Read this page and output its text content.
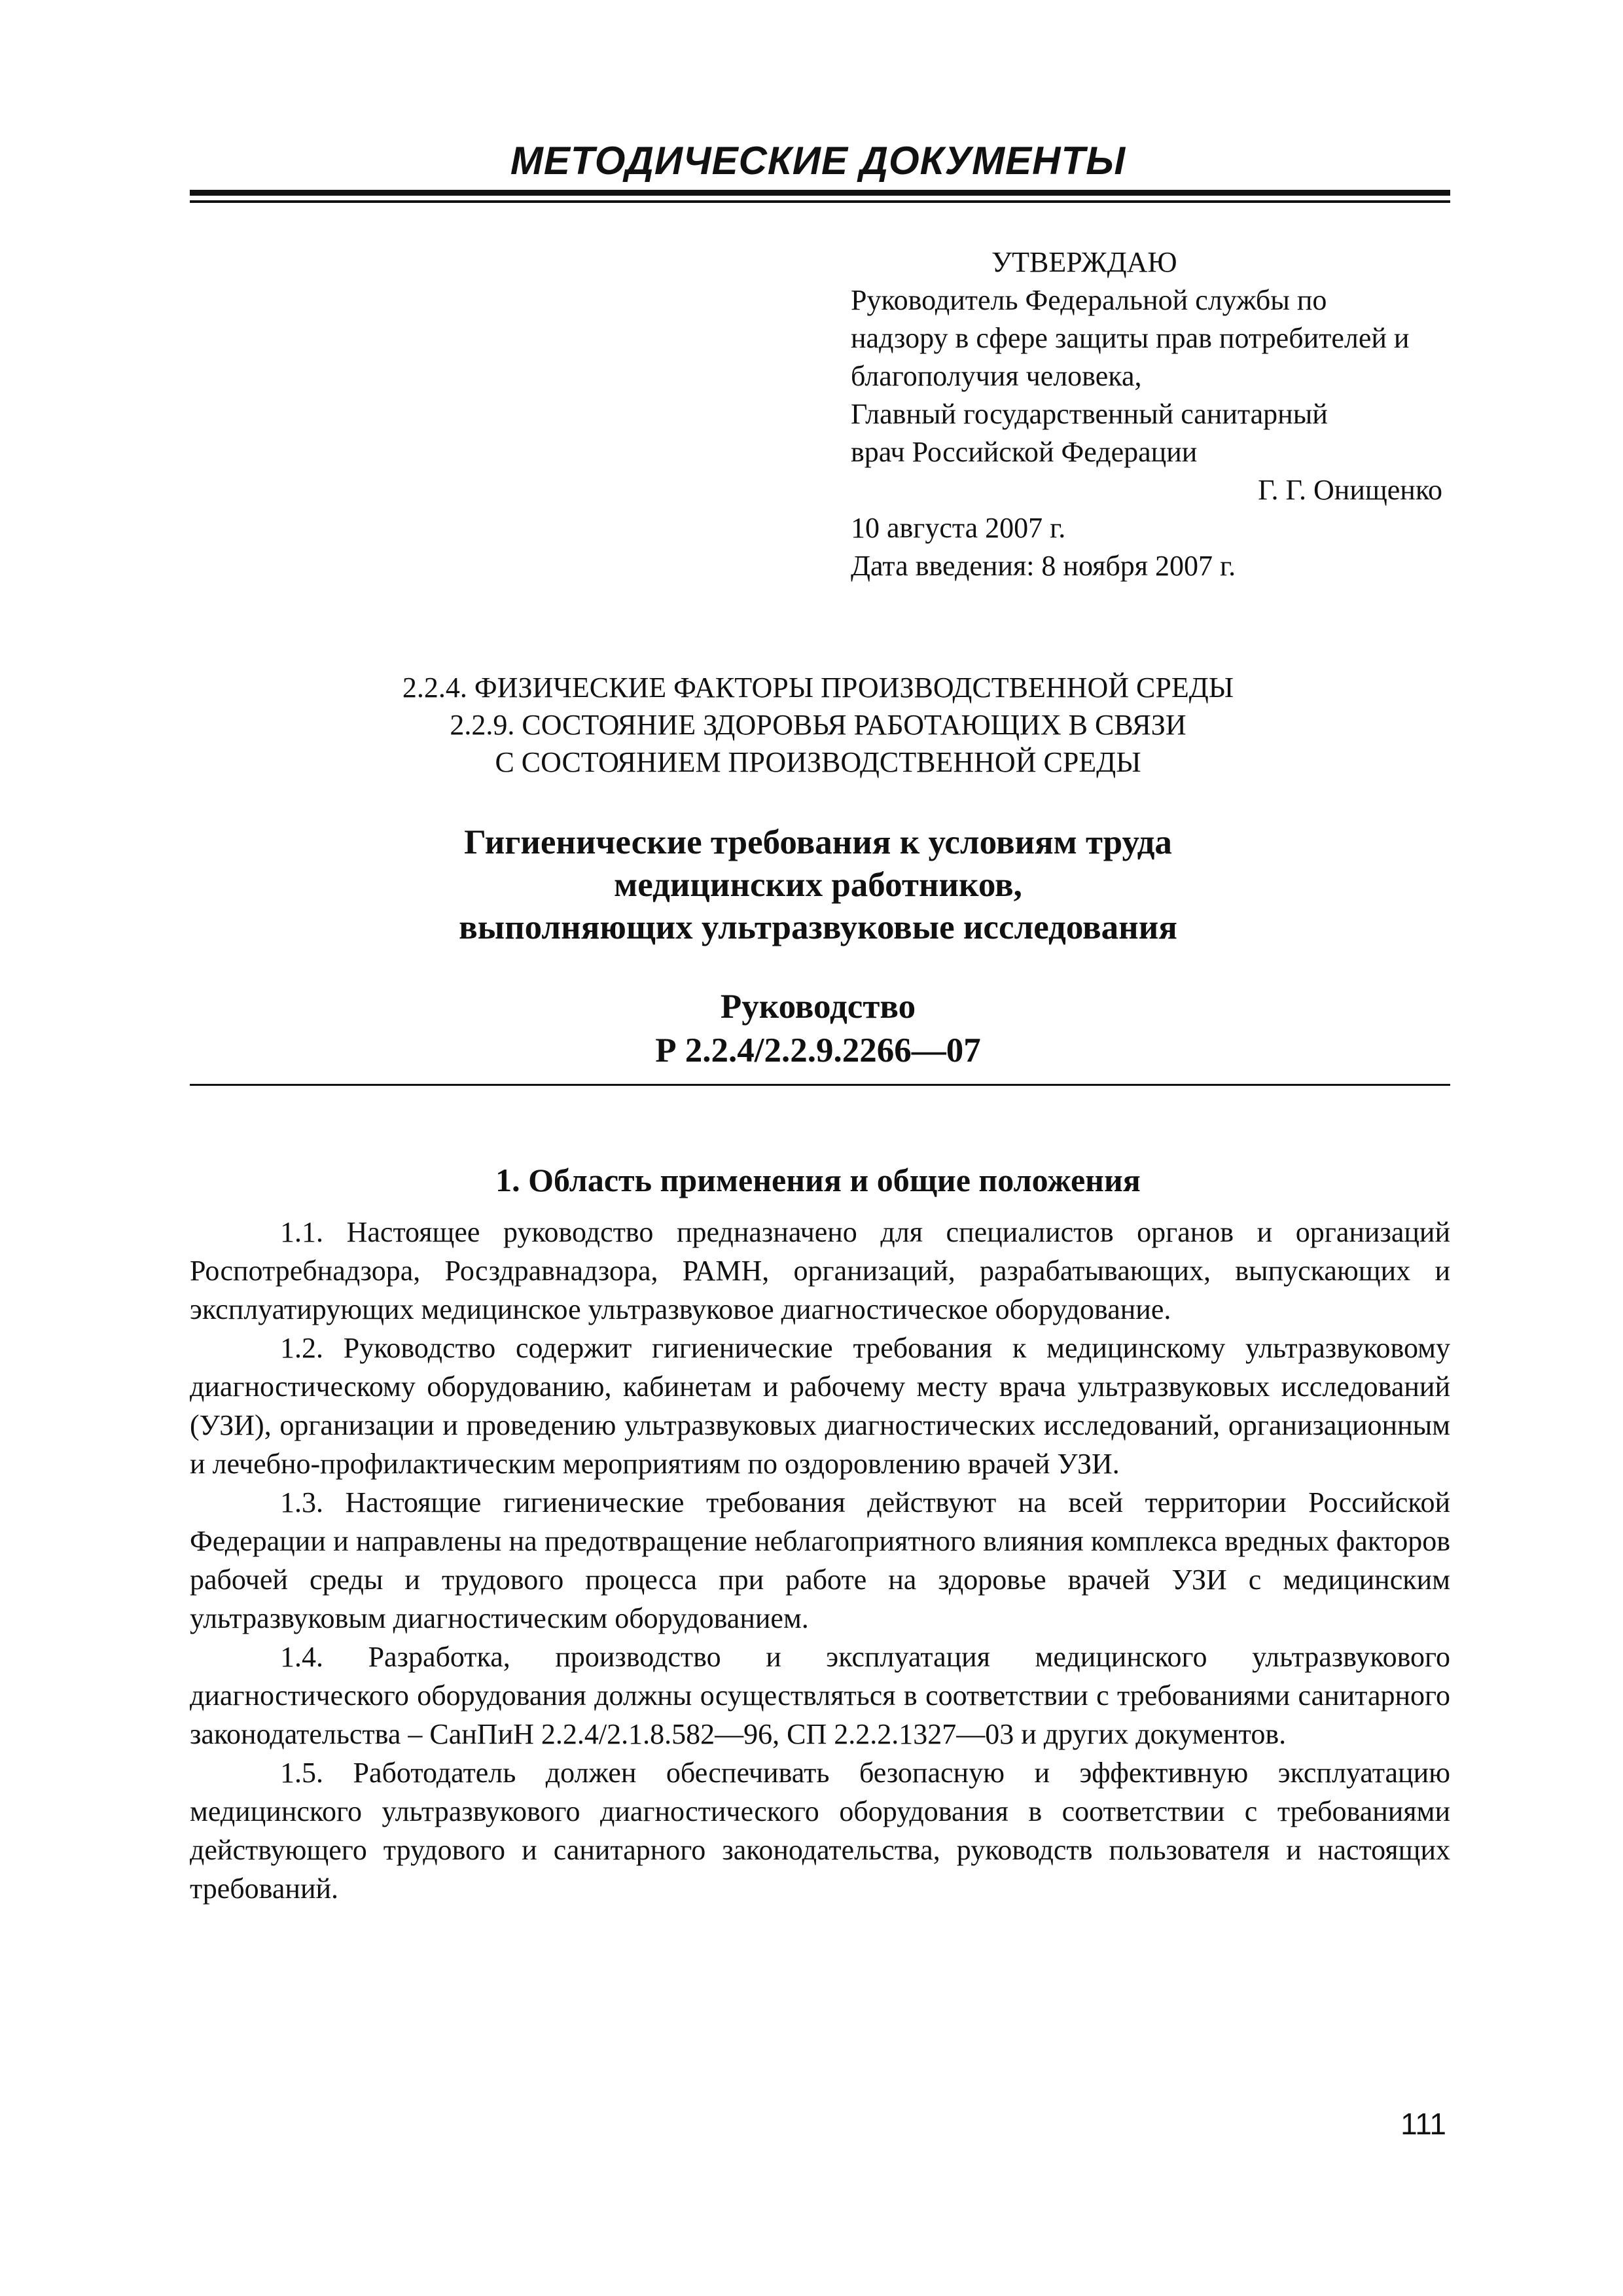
МЕТОДИЧЕСКИЕ ДОКУМЕНТЫ
УТВЕРЖДАЮ
Руководитель Федеральной службы по
надзору в сфере защиты прав потребителей и
благополучия человека,
Главный государственный санитарный
врач Российской Федерации
Г. Г. Онищенко
10 августа 2007 г.
Дата введения: 8 ноября 2007 г.
2.2.4. ФИЗИЧЕСКИЕ ФАКТОРЫ ПРОИЗВОДСТВЕННОЙ СРЕДЫ
2.2.9. СОСТОЯНИЕ ЗДОРОВЬЯ РАБОТАЮЩИХ В СВЯЗИ
С СОСТОЯНИЕМ ПРОИЗВОДСТВЕННОЙ СРЕДЫ
Гигиенические требования к условиям труда
медицинских работников,
выполняющих ультразвуковые исследования
Руководство
Р 2.2.4/2.2.9.2266—07
1. Область применения и общие положения

1.1. Настоящее руководство предназначено для специалистов органов и организаций Роспотребнадзора, Росздравнадзора, РАМН, организаций, разрабатывающих, выпускающих и эксплуатирующих медицинское ультразвуковое диагностическое оборудование.

1.2. Руководство содержит гигиенические требования к медицинскому ультразвуковому диагностическому оборудованию, кабинетам и рабочему месту врача ультразвуковых исследований (УЗИ), организации и проведению ультразвуковых диагностических исследований, организационным и лечебно-профилактическим мероприятиям по оздоровлению врачей УЗИ.

1.3. Настоящие гигиенические требования действуют на всей территории Российской Федерации и направлены на предотвращение неблагоприятного влияния комплекса вредных факторов рабочей среды и трудового процесса при работе на здоровье врачей УЗИ с медицинским ультразвуковым диагностическим оборудованием.

1.4. Разработка, производство и эксплуатация медицинского ультразвукового диагностического оборудования должны осуществляться в соответствии с требованиями санитарного законодательства – СанПиН 2.2.4/2.1.8.582—96, СП 2.2.2.1327—03 и других документов.

1.5. Работодатель должен обеспечивать безопасную и эффективную эксплуатацию медицинского ультразвукового диагностического оборудования в соответствии с требованиями действующего трудового и санитарного законодательства, руководств пользователя и настоящих требований.

111
